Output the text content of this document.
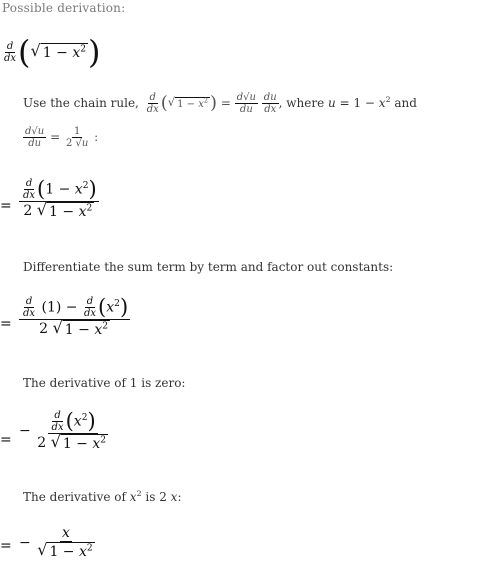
Possible derivation:
$\frac{d}{dx}$ ( √ $1 - x^2$ )
Use the chain rule, $\frac{d}{dx}$ ( √ $1 - x^2$ ) = $\frac{d√u}{du}$
$\frac{du}{dx}$ , where $u = 1 - x^2$ and
$\frac{d√u}{du} = \frac{1}{2 √u}$ :
= $\frac{\frac{d}{dx} (1 - x^2)}{2 √ 1 - x^2}$
Differentiate the sum term by term and factor out constants:
= $\frac{\frac{d}{dx} (1) - \frac{d}{dx} (x^2)}{2 √ 1 - x^2}$
The derivative of 1 is zero:
=
− $\frac{\frac{d}{dx} (x^2)}{2 √ 1 - x^2}$
The derivative of $x^2$ is 2 x:
= − $\frac{x}{√ 1 - x^2}$
